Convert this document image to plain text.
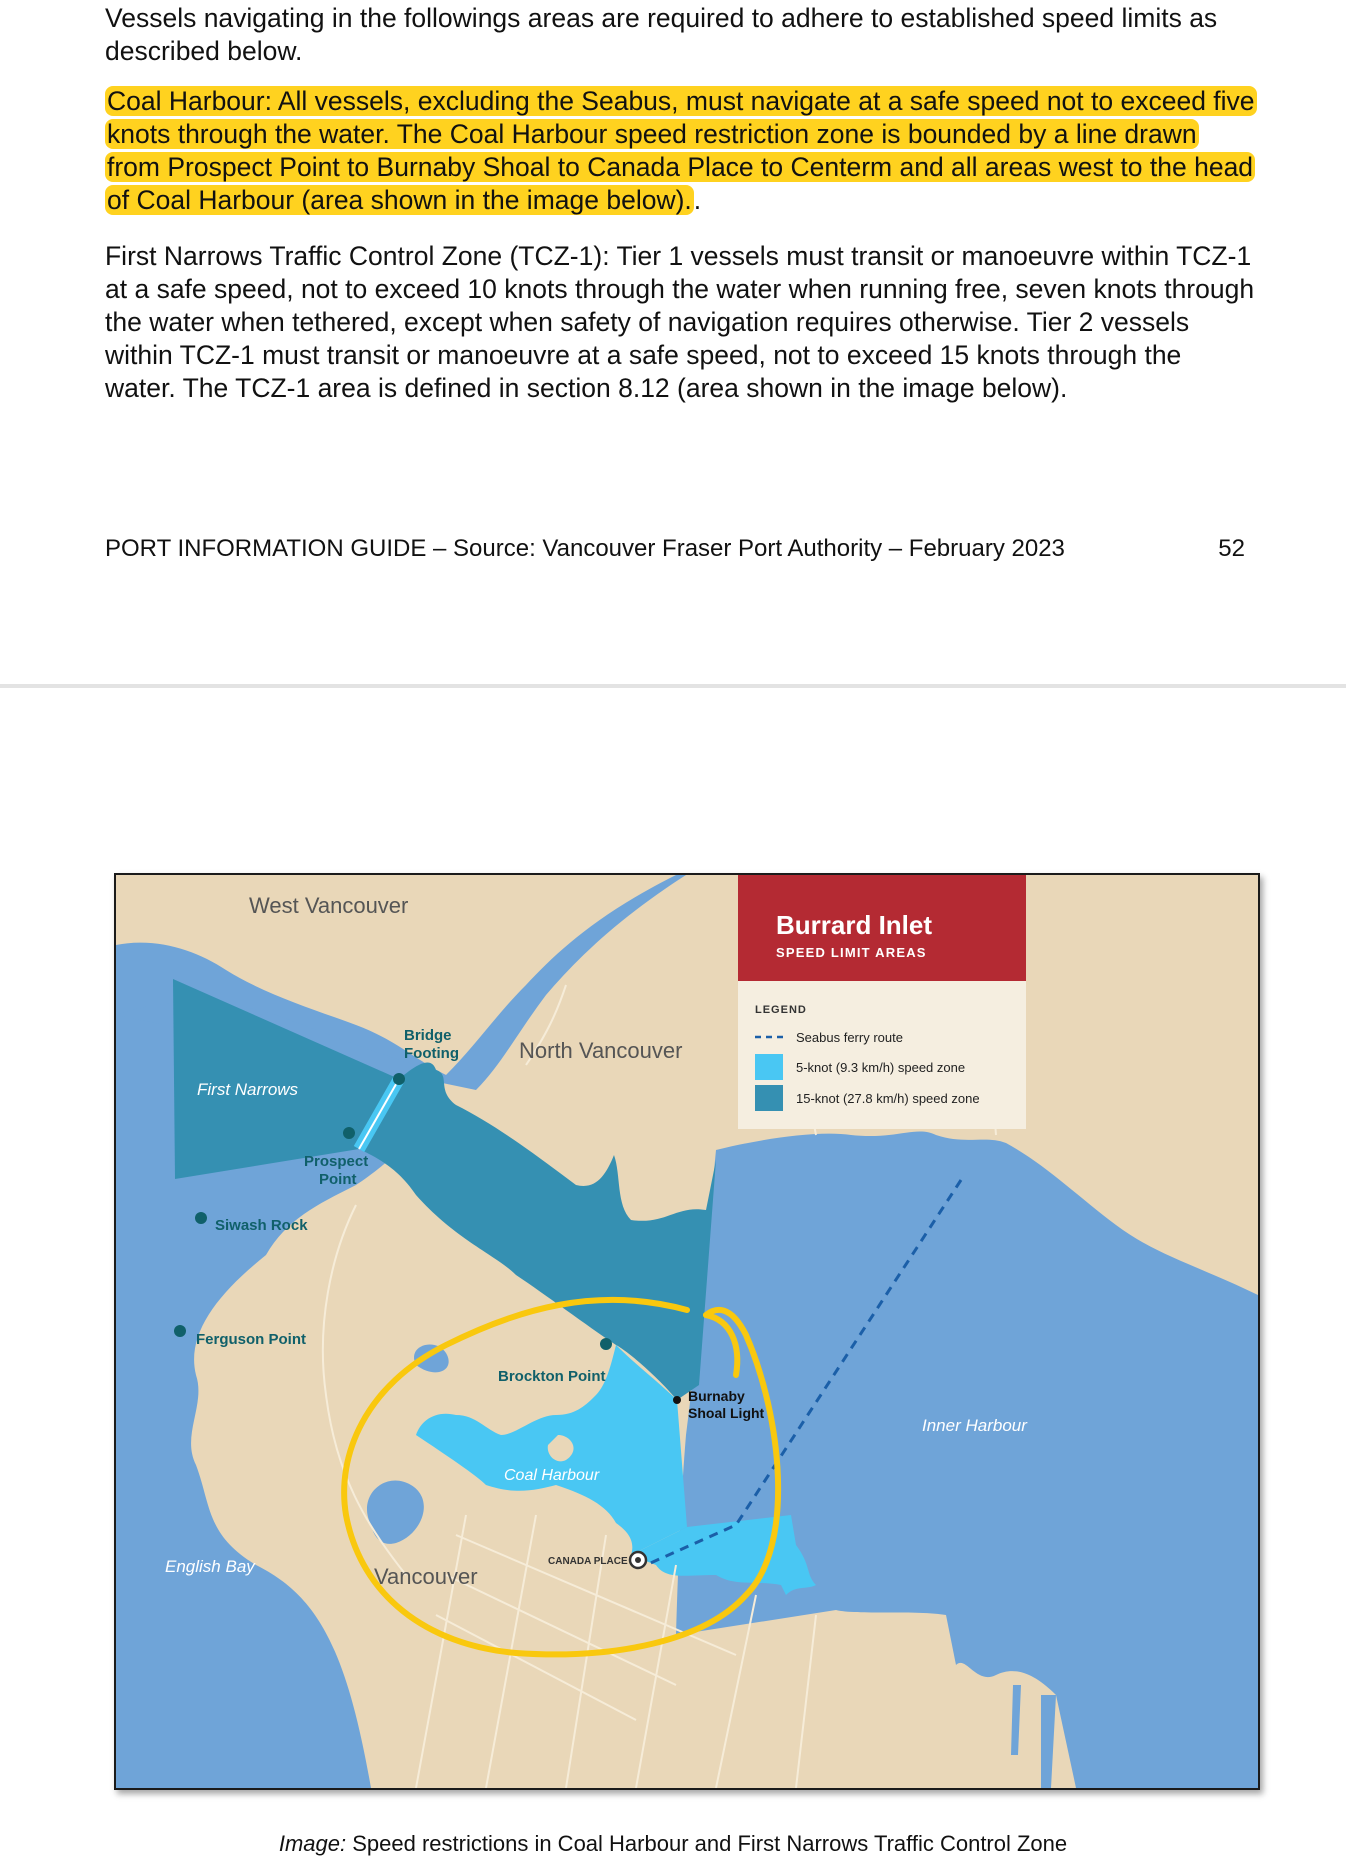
Vessels navigating in the followings areas are required to adhere to established speed limits as described below.

Coal Harbour: All vessels, excluding the Seabus, must navigate at a safe speed not to exceed five knots through the water. The Coal Harbour speed restriction zone is bounded by a line drawn from Prospect Point to Burnaby Shoal to Canada Place to Centerm and all areas west to the head of Coal Harbour (area shown in the image below)..

First Narrows Traffic Control Zone (TCZ-1): Tier 1 vessels must transit or manoeuvre within TCZ-1 at a safe speed, not to exceed 10 knots through the water when running free, seven knots through the water when tethered, except when safety of navigation requires otherwise. Tier 2 vessels within TCZ-1 must transit or manoeuvre at a safe speed, not to exceed 15 knots through the water. The TCZ-1 area is defined in section 8.12 (area shown in the image below).

PORT INFORMATION GUIDE – Source: Vancouver Fraser Port Authority – February 2023	52
West Vancouver
North Vancouver
Vancouver
First Narrows
Bridge
Footing
Prospect
Point
Siwash Rock
Ferguson Point
Brockton Point
Burnaby
Shoal Light
Coal Harbour
Inner Harbour
English Bay	CANADA PLACE
Burrard Inlet
SPEED LIMIT AREAS
LEGEND
Seabus ferry route
5-knot (9.3 km/h) speed zone
15-knot (27.8 km/h) speed zone
Image: Speed restrictions in Coal Harbour and First Narrows Traffic Control Zone
